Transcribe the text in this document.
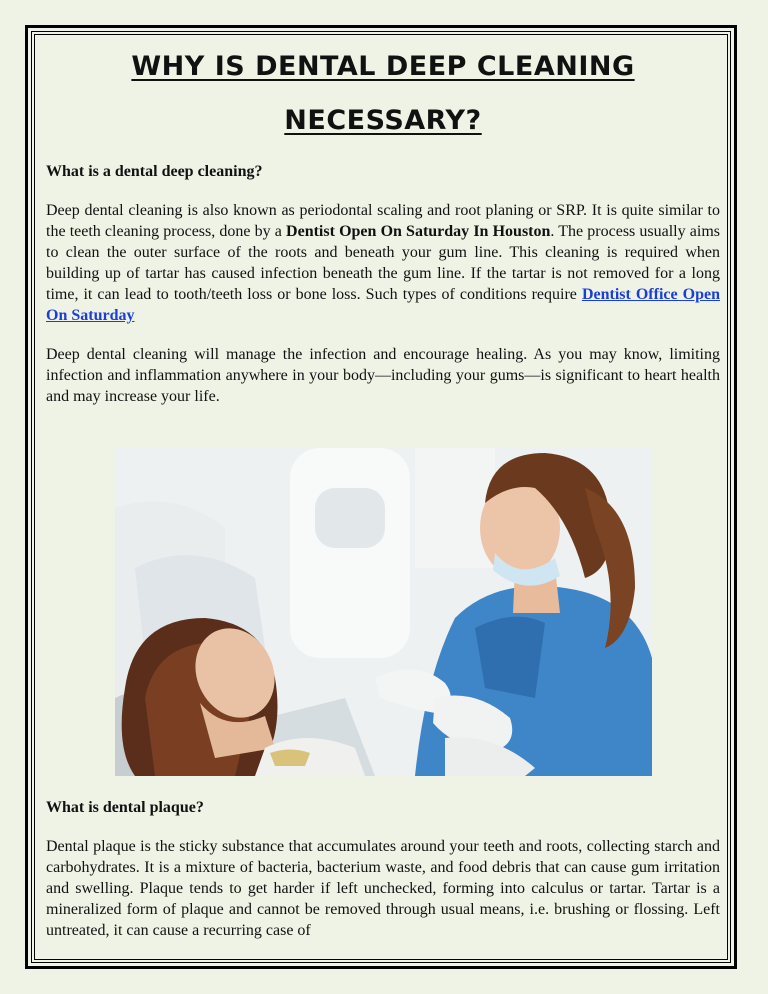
WHY IS DENTAL DEEP CLEANING
NECESSARY?
What is a dental deep cleaning?

Deep dental cleaning is also known as periodontal scaling and root planing or SRP. It is quite similar to the teeth cleaning process, done by a Dentist Open On Saturday In Houston. The process usually aims to clean the outer surface of the roots and beneath your gum line. This cleaning is required when building up of tartar has caused infection beneath the gum line. If the tartar is not removed for a long time, it can lead to tooth/teeth loss or bone loss. Such types of conditions require Dentist Office Open On Saturday

Deep dental cleaning will manage the infection and encourage healing. As you may know, limiting infection and inflammation anywhere in your body—including your gums—is significant to heart health and may increase your life.

What is dental plaque?

Dental plaque is the sticky substance that accumulates around your teeth and roots, collecting starch and carbohydrates. It is a mixture of bacteria, bacterium waste, and food debris that can cause gum irritation and swelling. Plaque tends to get harder if left unchecked, forming into calculus or tartar. Tartar is a mineralized form of plaque and cannot be removed through usual means, i.e. brushing or flossing. Left untreated, it can cause a recurring case of
